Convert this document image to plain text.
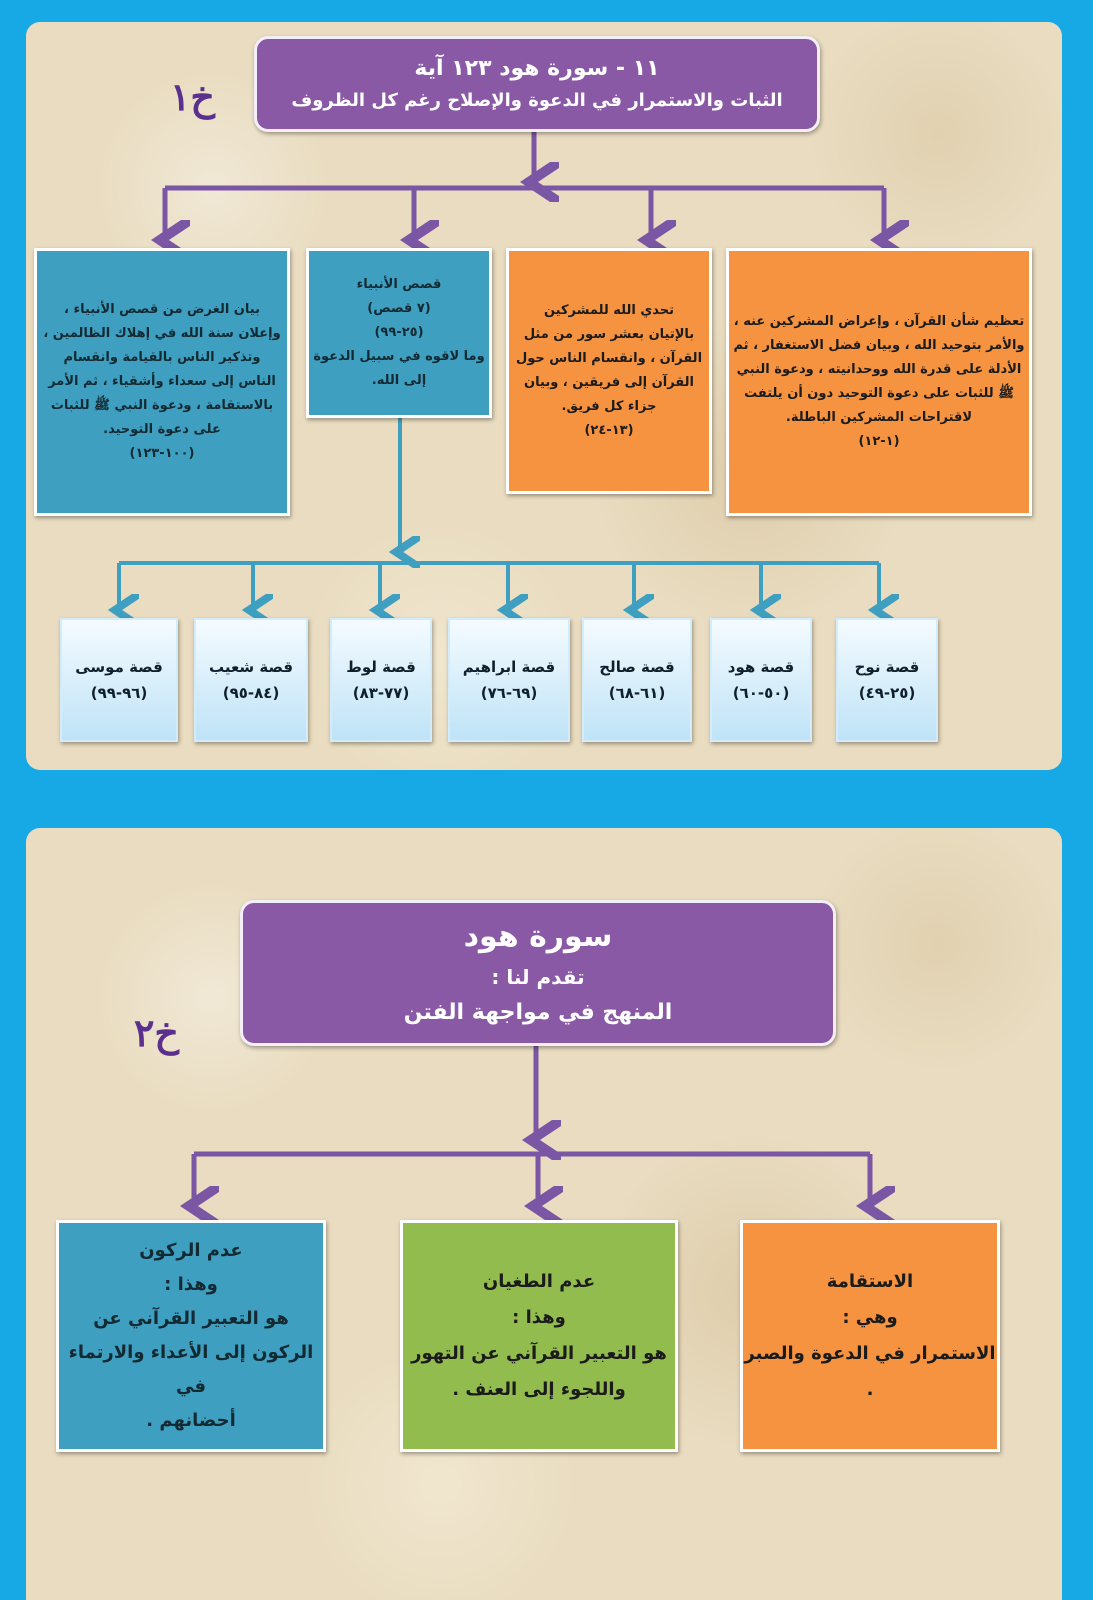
خ١
١١ - سورة هود ١٢٣ آية
الثبات والاستمرار في الدعوة والإصلاح رغم كل الظروف
تعظيم شأن القرآن ، وإعراض المشركين عنه ،
والأمر بتوحيد الله ، وبيان فضل الاستغفار ، ثم
الأدلة على قدرة الله ووحدانيته ، ودعوة النبي
ﷺ للثبات على دعوة التوحيد دون أن يلتفت
لاقتراحات المشركين الباطلة.
(١-١٢)
تحدي الله للمشركين
بالإتيان بعشر سور من مثل
القرآن ، وانقسام الناس حول
القرآن إلى فريقين ، وبيان
جزاء كل فريق.
(١٣-٢٤)
قصص الأنبياء
(٧ قصص)
(٢٥-٩٩)
وما لاقوه في سبيل الدعوة
إلى الله.
بيان الغرض من قصص الأنبياء ،
وإعلان سنة الله في إهلاك الظالمين ،
وتذكير الناس بالقيامة وانقسام
الناس إلى سعداء وأشقياء ، ثم الأمر
بالاستقامة ، ودعوة النبي ﷺ للثبات
على دعوة التوحيد.
(١٠٠-١٢٣)
قصة نوح
(٢٥-٤٩)
قصة هود
(٥٠-٦٠)
قصة صالح
(٦١-٦٨)
قصة ابراهيم
(٦٩-٧٦)
قصة لوط
(٧٧-٨٣)
قصة شعيب
(٨٤-٩٥)
قصة موسى
(٩٦-٩٩)
خ٢
سورة هود
تقدم لنا :
المنهج في مواجهة الفتن
الاستقامة
وهي :
الاستمرار في الدعوة والصبر .
عدم الطغيان
وهذا :
هو التعبير القرآني عن التهور
واللجوء إلى العنف .
عدم الركون
وهذا :
هو التعبير القرآني عن
الركون إلى الأعداء والارتماء في
أحضانهم .
